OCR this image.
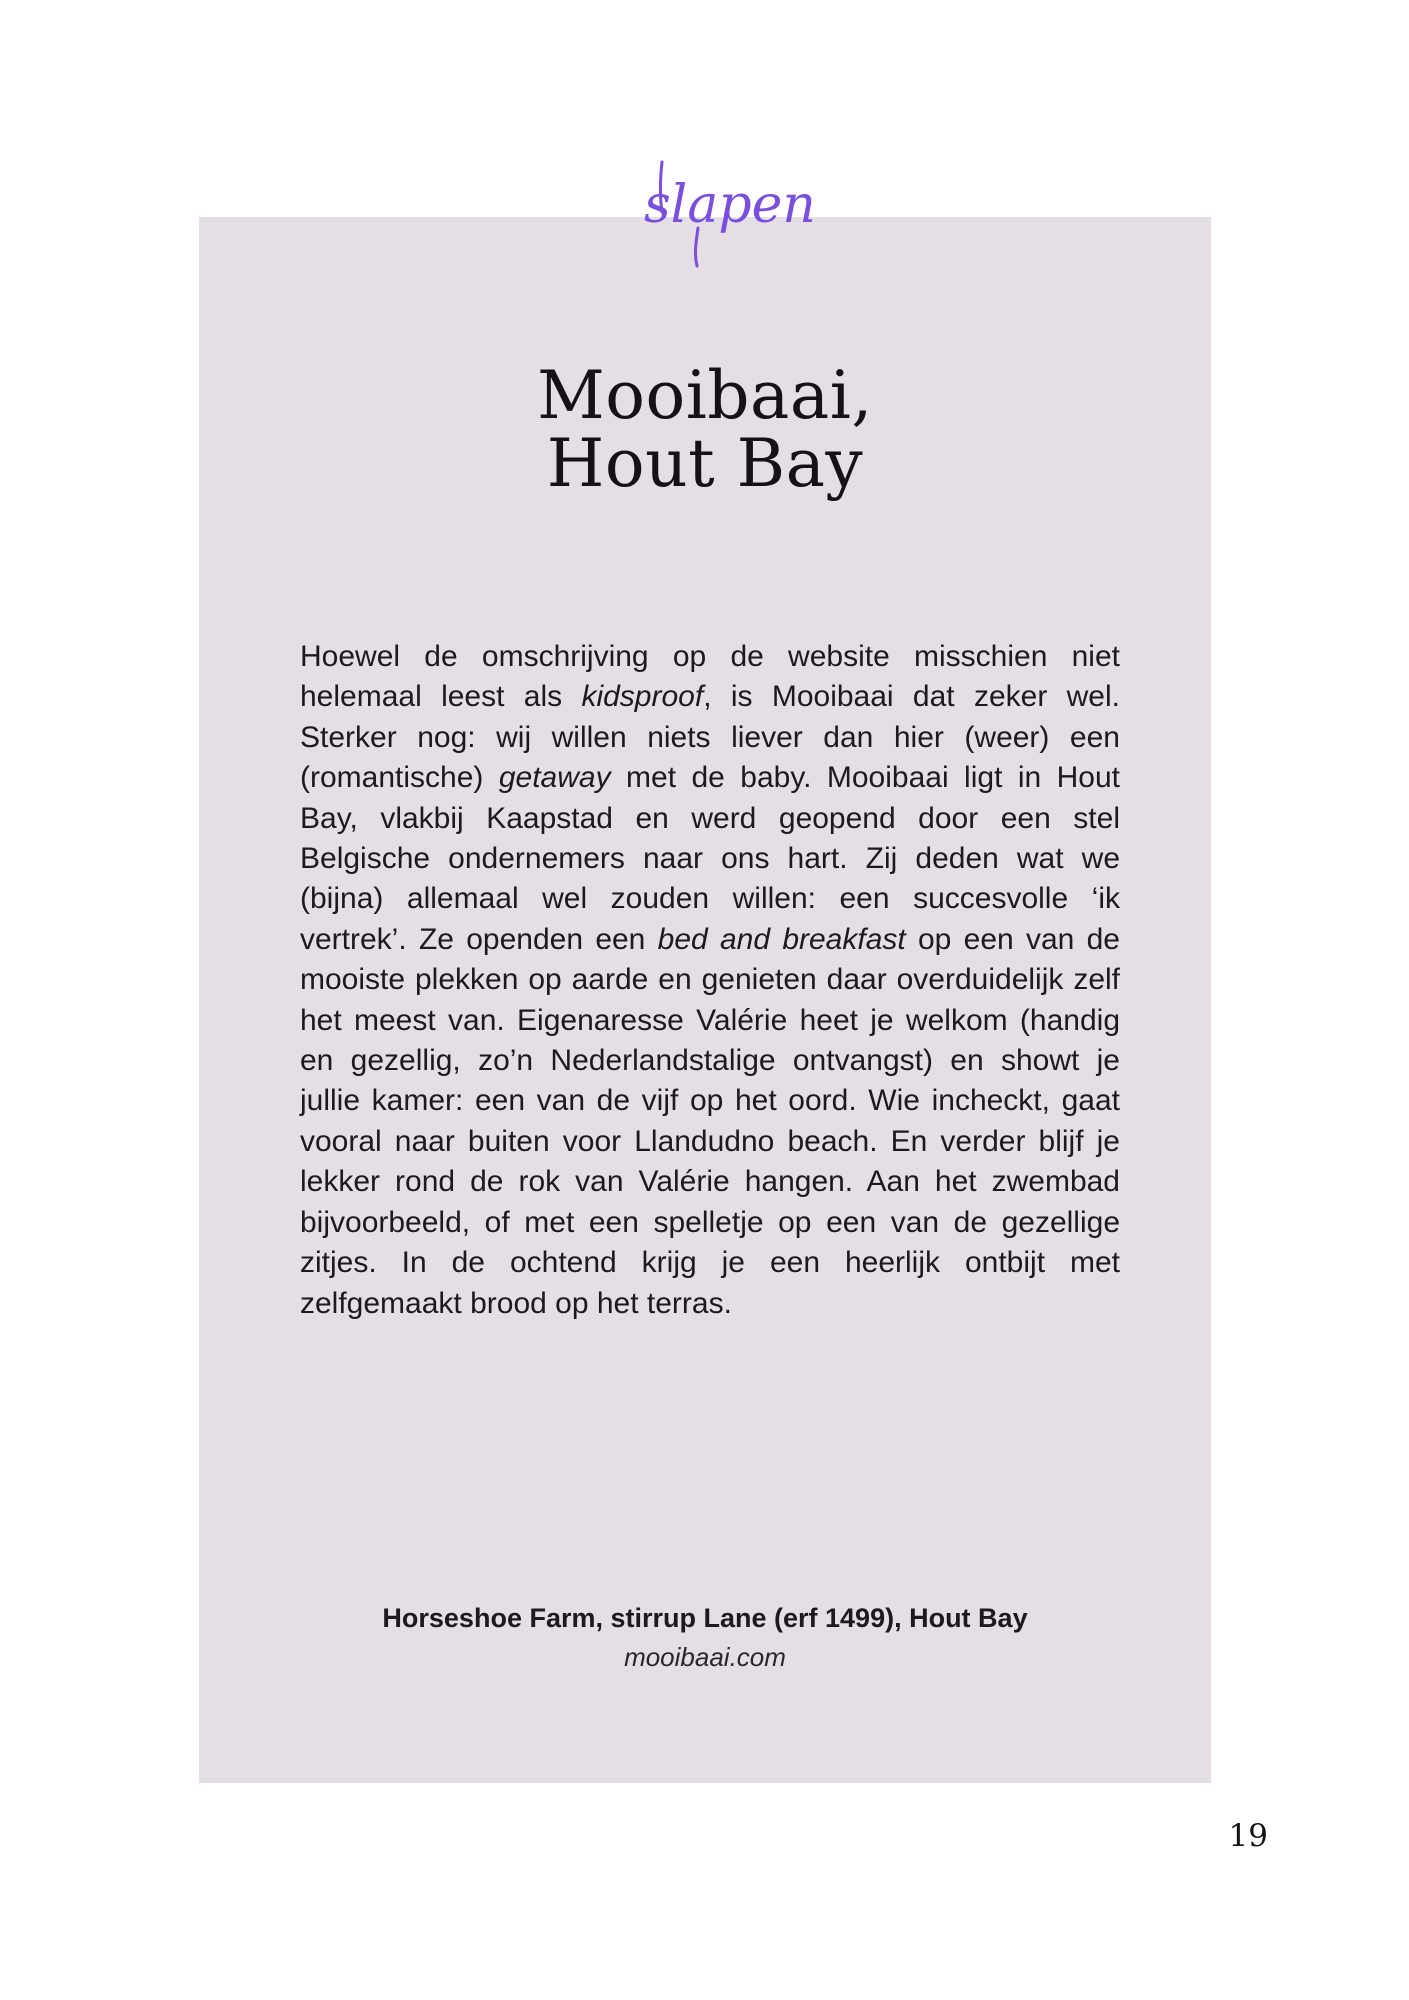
slapen
Mooibaai,
Hout Bay

Hoewel de omschrijving op de website misschien niet helemaal leest als kidsproof, is Mooibaai dat zeker wel. Sterker nog: wij willen niets liever dan hier (weer) een (romantische) getaway met de baby. Mooibaai ligt in Hout Bay, vlakbij Kaapstad en werd geopend door een stel Belgische ondernemers naar ons hart. Zij deden wat we (bijna) allemaal wel zouden willen: een succesvolle ‘ik vertrek’. Ze openden een bed and breakfast op een van de mooiste plekken op aarde en genieten daar overduidelijk zelf het meest van. Eigenaresse Valérie heet je welkom (handig en gezellig, zo’n Nederlandstalige ontvangst) en showt je jullie kamer: een van de vijf op het oord. Wie incheckt, gaat vooral naar buiten voor Llandudno beach. En verder blijf je lekker rond de rok van Valérie hangen. Aan het zwembad bijvoorbeeld, of met een spelletje op een van de gezellige zitjes. In de ochtend krijg je een heerlijk ontbijt met zelfgemaakt brood op het terras.

Horseshoe Farm, stirrup Lane (erf 1499), Hout Bay

mooibaai.com

19
